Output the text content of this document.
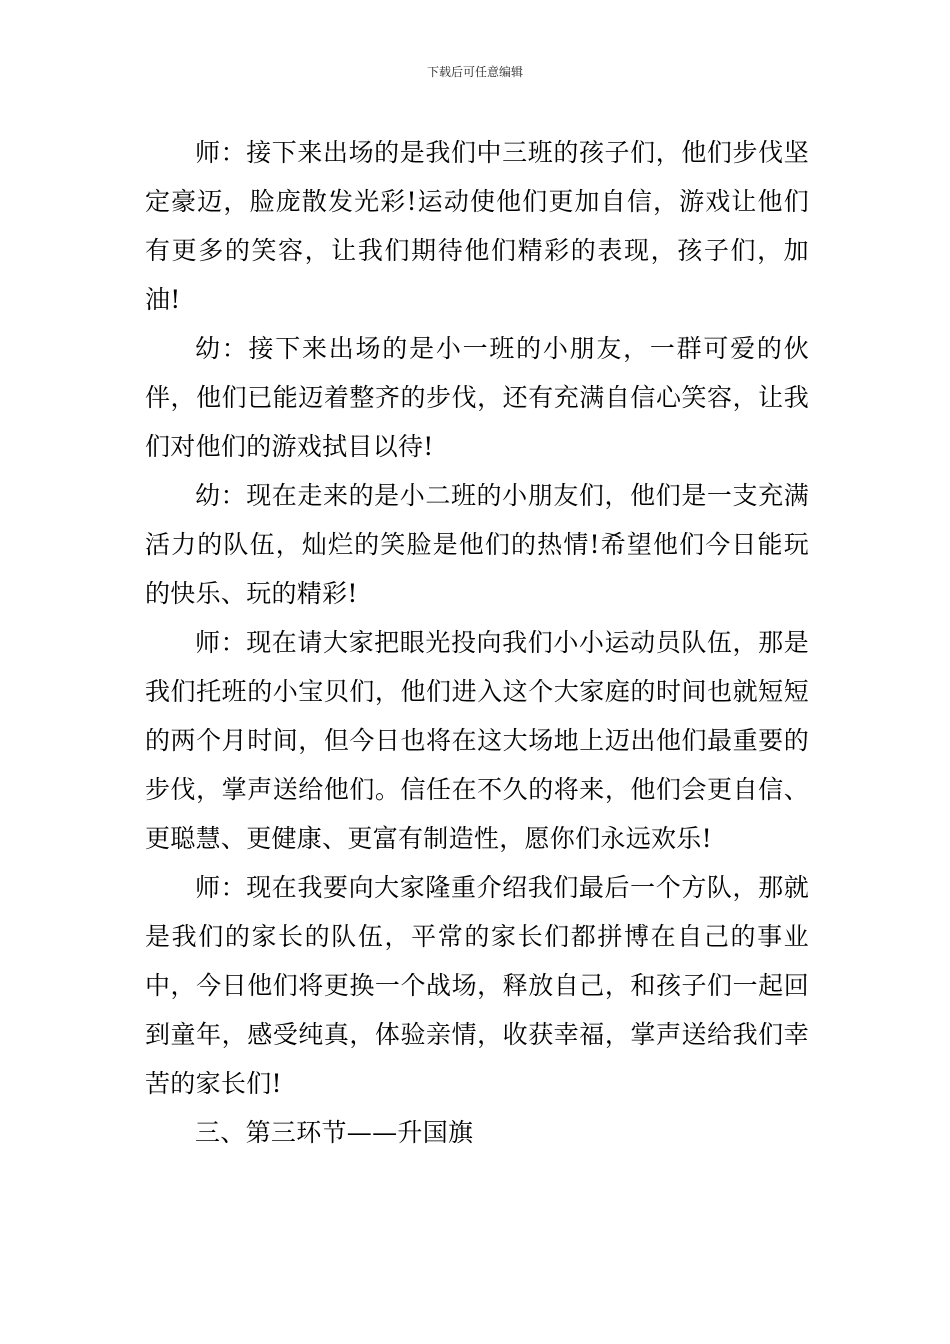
下载后可任意编辑

师：接下来出场的是我们中三班的孩子们，他们步伐坚定豪迈，脸庞散发光彩!运动使他们更加自信，游戏让他们有更多的笑容，让我们期待他们精彩的表现，孩子们，加油!

幼：接下来出场的是小一班的小朋友，一群可爱的伙伴，他们已能迈着整齐的步伐，还有充满自信心笑容，让我们对他们的游戏拭目以待!

幼：现在走来的是小二班的小朋友们，他们是一支充满活力的队伍，灿烂的笑脸是他们的热情!希望他们今日能玩的快乐、玩的精彩!

师：现在请大家把眼光投向我们小小运动员队伍，那是我们托班的小宝贝们，他们进入这个大家庭的时间也就短短的两个月时间，但今日也将在这大场地上迈出他们最重要的步伐，掌声送给他们。信任在不久的将来，他们会更自信、更聪慧、更健康、更富有制造性，愿你们永远欢乐!

师：现在我要向大家隆重介绍我们最后一个方队，那就是我们的家长的队伍，平常的家长们都拼博在自己的事业中，今日他们将更换一个战场，释放自己，和孩子们一起回到童年，感受纯真，体验亲情，收获幸福，掌声送给我们幸苦的家长们!

三、第三环节——升国旗
